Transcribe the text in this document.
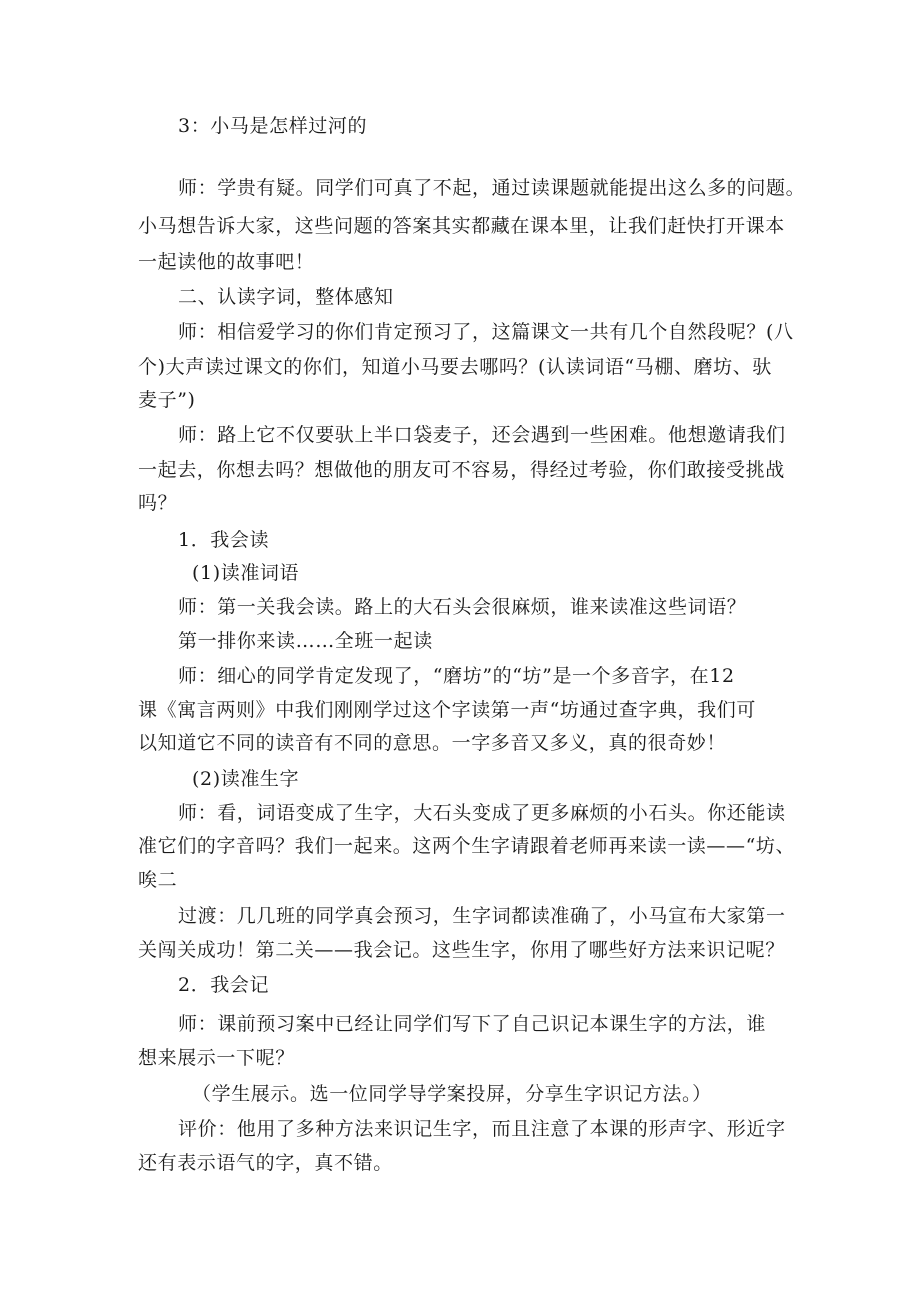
3：小马是怎样过河的
师：学贵有疑。同学们可真了不起，通过读课题就能提出这么多的问题。
小马想告诉大家，这些问题的答案其实都藏在课本里，让我们赶快打开课本
一起读他的故事吧！
二、认读字词，整体感知
师：相信爱学习的你们肯定预习了，这篇课文一共有几个自然段呢？(八
个)大声读过课文的你们，知道小马要去哪吗？(认读词语“马棚、磨坊、驮
麦子”)
师：路上它不仅要驮上半口袋麦子，还会遇到一些困难。他想邀请我们
一起去，你想去吗？想做他的朋友可不容易，得经过考验，你们敢接受挑战
吗？
1．我会读
(1)读准词语
师：第一关我会读。路上的大石头会很麻烦，谁来读准这些词语？
第一排你来读……全班一起读
师：细心的同学肯定发现了，“磨坊”的“坊”是一个多音字，在12
课《寓言两则》中我们刚刚学过这个字读第一声“坊通过查字典，我们可
以知道它不同的读音有不同的意思。一字多音又多义，真的很奇妙！
(2)读准生字
师：看，词语变成了生字，大石头变成了更多麻烦的小石头。你还能读
准它们的字音吗？我们一起来。这两个生字请跟着老师再来读一读——“坊、
唉二
过渡：几几班的同学真会预习，生字词都读准确了，小马宣布大家第一
关闯关成功！第二关——我会记。这些生字，你用了哪些好方法来识记呢？
2．我会记
师：课前预习案中已经让同学们写下了自己识记本课生字的方法，谁
想来展示一下呢？
（学生展示。选一位同学导学案投屏，分享生字识记方法。）
评价：他用了多种方法来识记生字，而且注意了本课的形声字、形近字
还有表示语气的字，真不错。
